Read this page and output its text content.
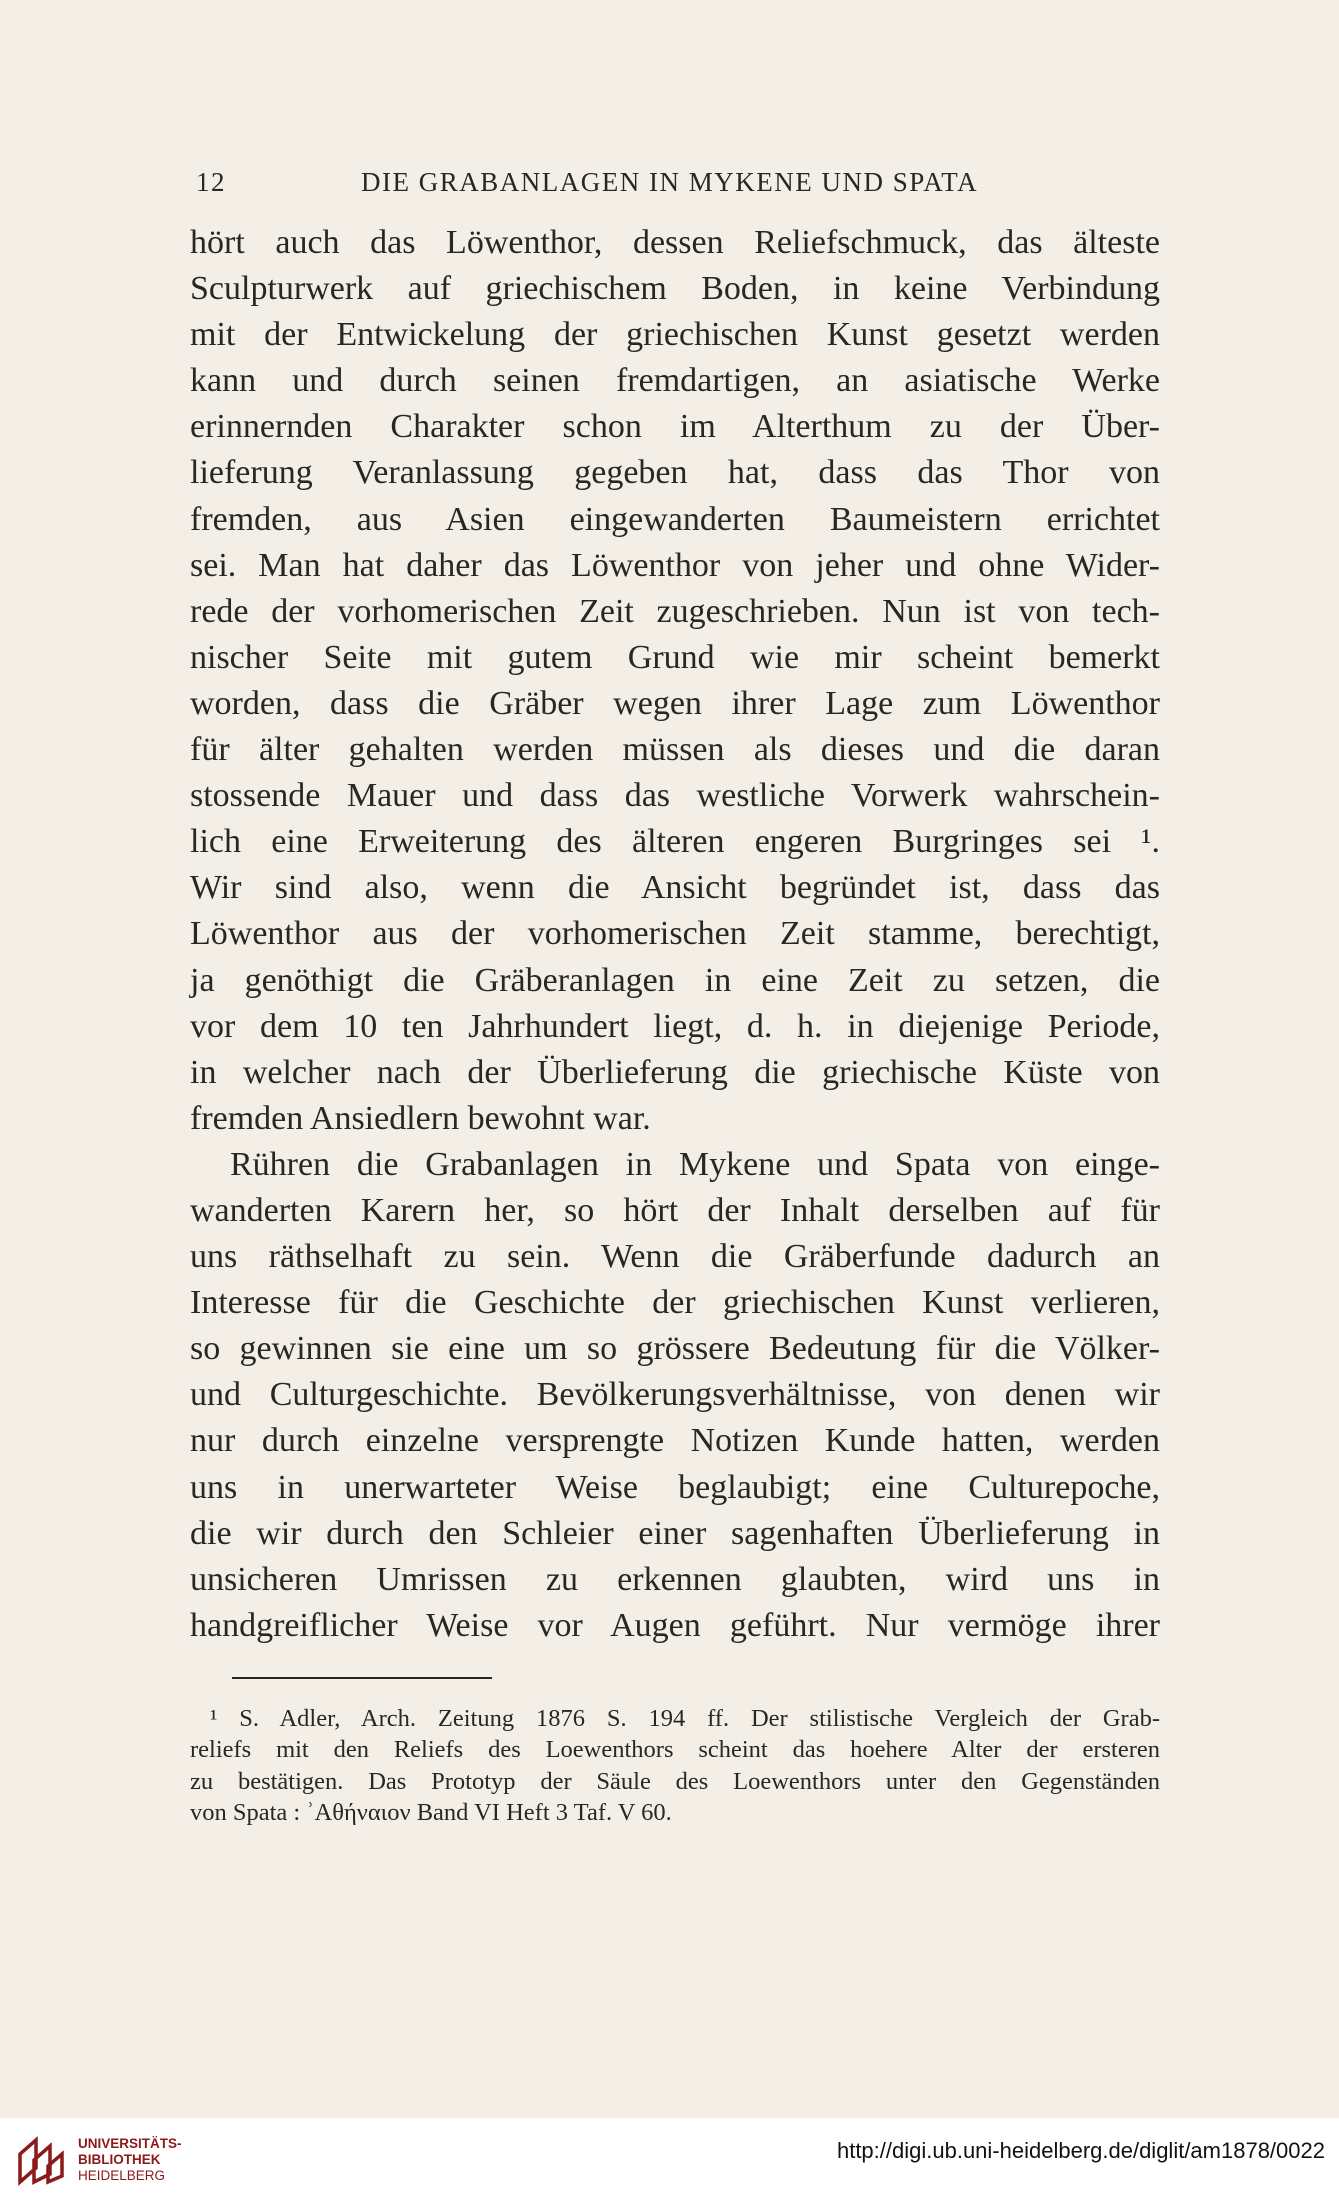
12	DIE GRABANLAGEN IN MYKENE UND SPATA
hört auch das Löwenthor, dessen Reliefschmuck, das älteste
Sculpturwerk auf griechischem Boden, in keine Verbindung
mit der Entwickelung der griechischen Kunst gesetzt werden
kann und durch seinen fremdartigen, an asiatische Werke
erinnernden Charakter schon im Alterthum zu der Über-
lieferung Veranlassung gegeben hat, dass das Thor von
fremden, aus Asien eingewanderten Baumeistern errichtet
sei. Man hat daher das Löwenthor von jeher und ohne Wider-
rede der vorhomerischen Zeit zugeschrieben. Nun ist von tech-
nischer Seite mit gutem Grund wie mir scheint bemerkt
worden, dass die Gräber wegen ihrer Lage zum Löwenthor
für älter gehalten werden müssen als dieses und die daran
stossende Mauer und dass das westliche Vorwerk wahrschein-
lich eine Erweiterung des älteren engeren Burgringes sei ¹.
Wir sind also, wenn die Ansicht begründet ist, dass das
Löwenthor aus der vorhomerischen Zeit stamme, berechtigt,
ja genöthigt die Gräberanlagen in eine Zeit zu setzen, die
vor dem 10 ten Jahrhundert liegt, d. h. in diejenige Periode,
in welcher nach der Überlieferung die griechische Küste von
fremden Ansiedlern bewohnt war.
Rühren die Grabanlagen in Mykene und Spata von einge-
wanderten Karern her, so hört der Inhalt derselben auf für
uns räthselhaft zu sein. Wenn die Gräberfunde dadurch an
Interesse für die Geschichte der griechischen Kunst verlieren,
so gewinnen sie eine um so grössere Bedeutung für die Völker-
und Culturgeschichte. Bevölkerungsverhältnisse, von denen wir
nur durch einzelne versprengte Notizen Kunde hatten, werden
uns in unerwarteter Weise beglaubigt; eine Culturepoche,
die wir durch den Schleier einer sagenhaften Überlieferung in
unsicheren Umrissen zu erkennen glaubten, wird uns in
handgreiflicher Weise vor Augen geführt. Nur vermöge ihrer
¹ S. Adler, Arch. Zeitung 1876 S. 194 ff. Der stilistische Vergleich der Grab-
reliefs mit den Reliefs des Loewenthors scheint das hoehere Alter der ersteren
zu bestätigen. Das Prototyp der Säule des Loewenthors unter den Gegenständen
von Spata : ʾΑθήναιον Band VI Heft 3 Taf. V 60.
UNIVERSITÄTS-
BIBLIOTHEK
HEIDELBERG
http://digi.ub.uni-heidelberg.de/diglit/am1878/0022
